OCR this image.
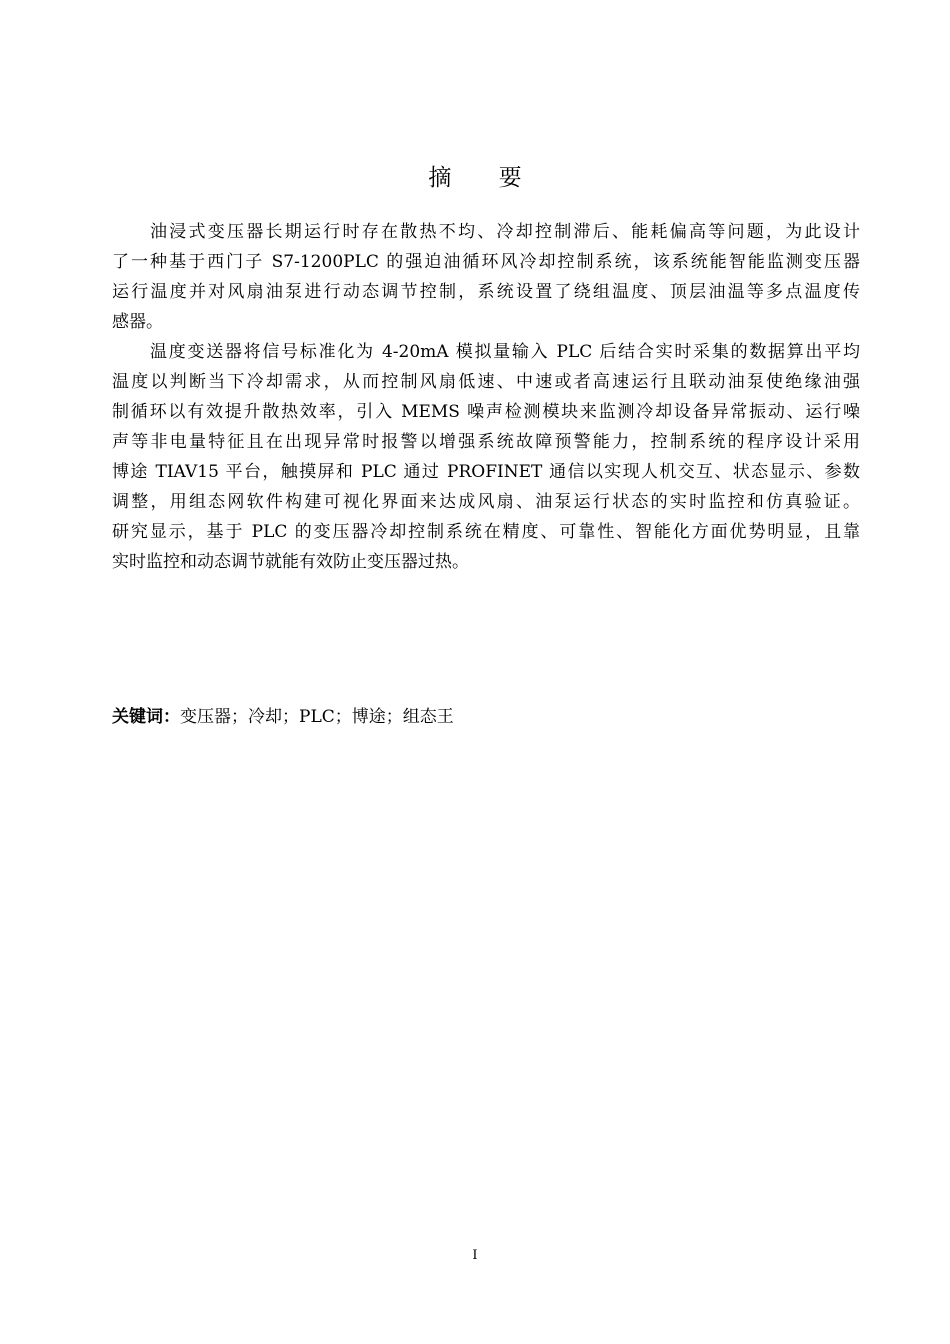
摘 要
油浸式变压器长期运行时存在散热不均、冷却控制滞后、能耗偏高等问题，为此设计
了一种基于西门子 S7-1200PLC 的强迫油循环风冷却控制系统，该系统能智能监测变压器
运行温度并对风扇油泵进行动态调节控制，系统设置了绕组温度、顶层油温等多点温度传
感器。
温度变送器将信号标准化为 4-20mA 模拟量输入 PLC 后结合实时采集的数据算出平均
温度以判断当下冷却需求，从而控制风扇低速、中速或者高速运行且联动油泵使绝缘油强
制循环以有效提升散热效率，引入 MEMS 噪声检测模块来监测冷却设备异常振动、运行噪
声等非电量特征且在出现异常时报警以增强系统故障预警能力，控制系统的程序设计采用
博途 TIAV15 平台，触摸屏和 PLC 通过 PROFINET 通信以实现人机交互、状态显示、参数
调整，用组态网软件构建可视化界面来达成风扇、油泵运行状态的实时监控和仿真验证。
研究显示，基于 PLC 的变压器冷却控制系统在精度、可靠性、智能化方面优势明显，且靠
实时监控和动态调节就能有效防止变压器过热。
关键词：变压器；冷却；PLC；博途；组态王
I
